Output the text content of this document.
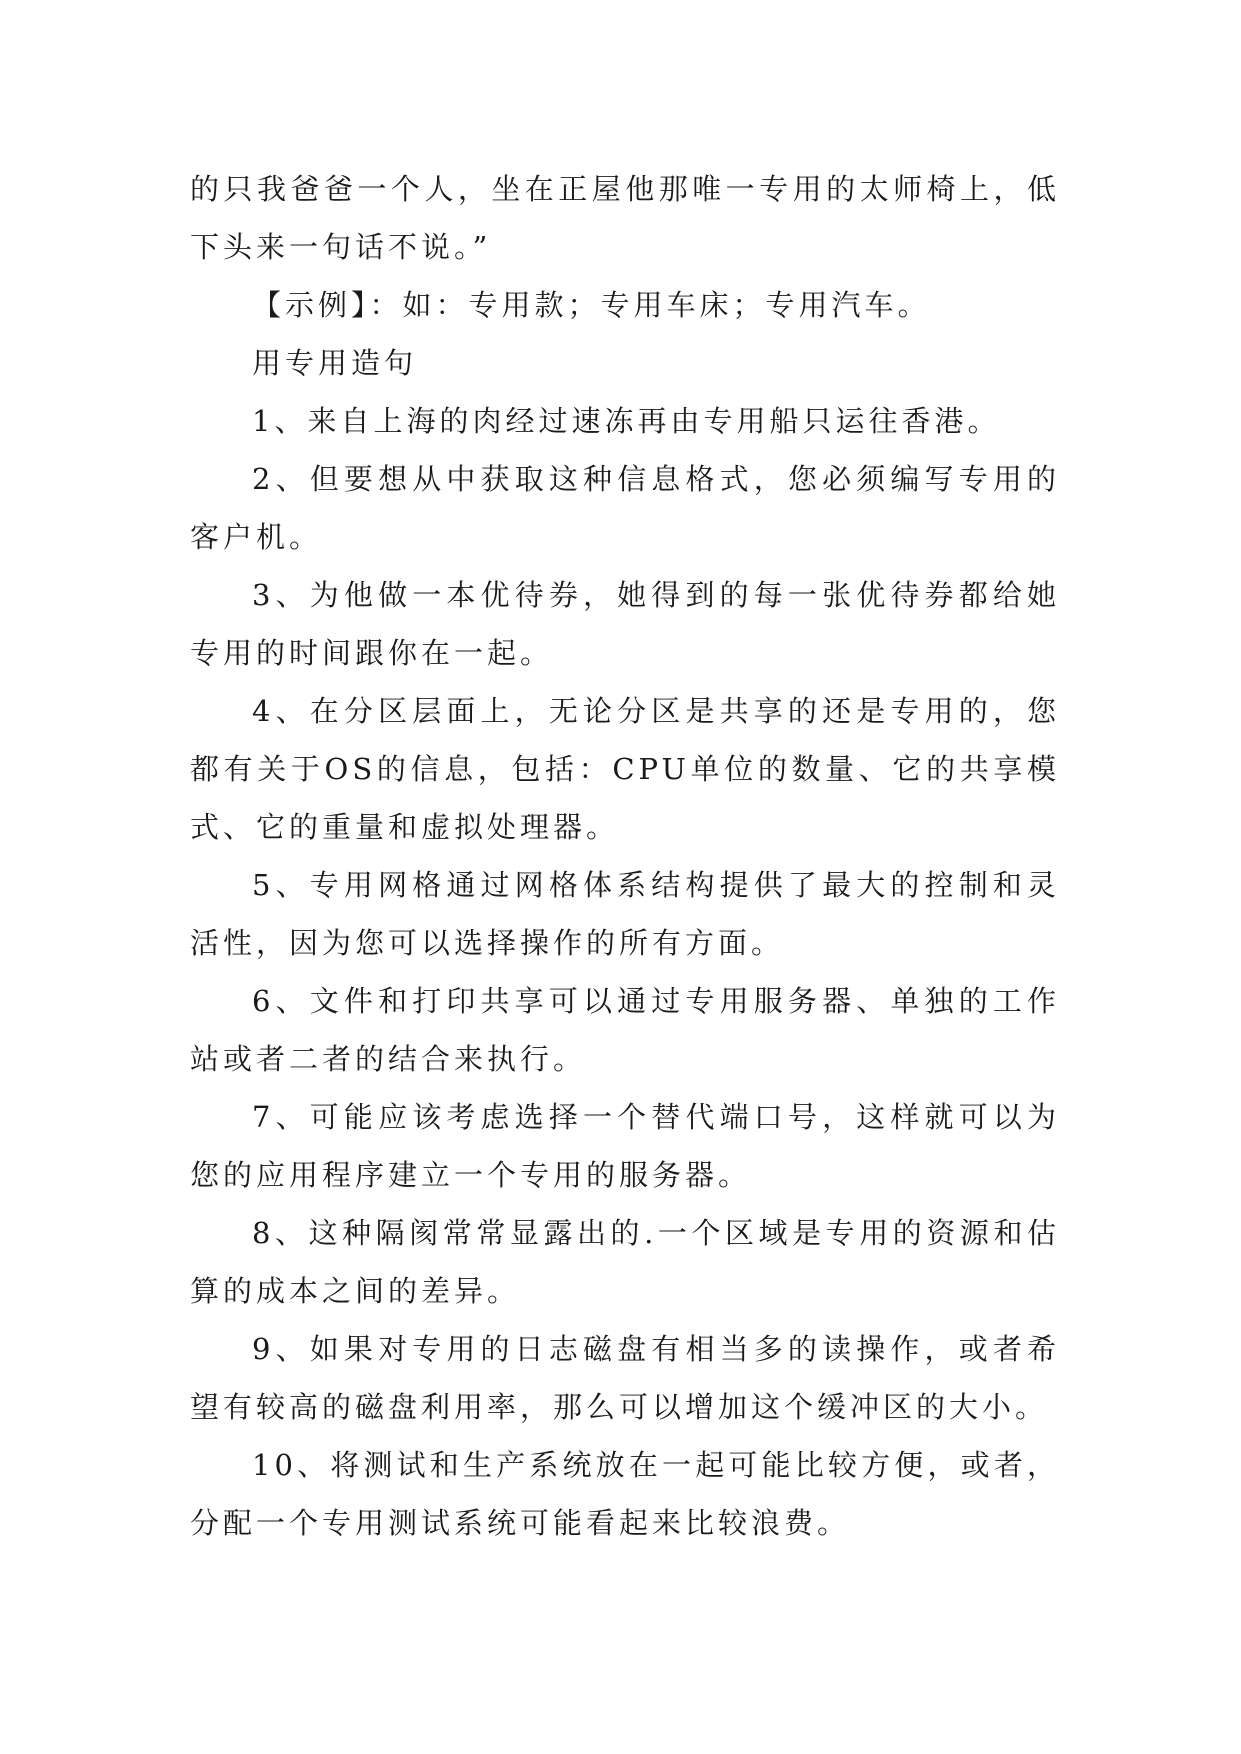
的只我爸爸一个人，坐在正屋他那唯一专用的太师椅上，低下头来一句话不说。”

【示例】：如：专用款；专用车床；专用汽车。

用专用造句

1、来自上海的肉经过速冻再由专用船只运往香港。

2、但要想从中获取这种信息格式，您必须编写专用的客户机。

3、为他做一本优待券，她得到的每一张优待券都给她专用的时间跟你在一起。

4、在分区层面上，无论分区是共享的还是专用的，您都有关于OS的信息，包括：CPU单位的数量、它的共享模式、它的重量和虚拟处理器。

5、专用网格通过网格体系结构提供了最大的控制和灵活性，因为您可以选择操作的所有方面。

6、文件和打印共享可以通过专用服务器、单独的工作站或者二者的结合来执行。

7、可能应该考虑选择一个替代端口号，这样就可以为您的应用程序建立一个专用的服务器。

8、这种隔阂常常显露出的.一个区域是专用的资源和估算的成本之间的差异。

9、如果对专用的日志磁盘有相当多的读操作，或者希望有较高的磁盘利用率，那么可以增加这个缓冲区的大小。

10、将测试和生产系统放在一起可能比较方便，或者，分配一个专用测试系统可能看起来比较浪费。
